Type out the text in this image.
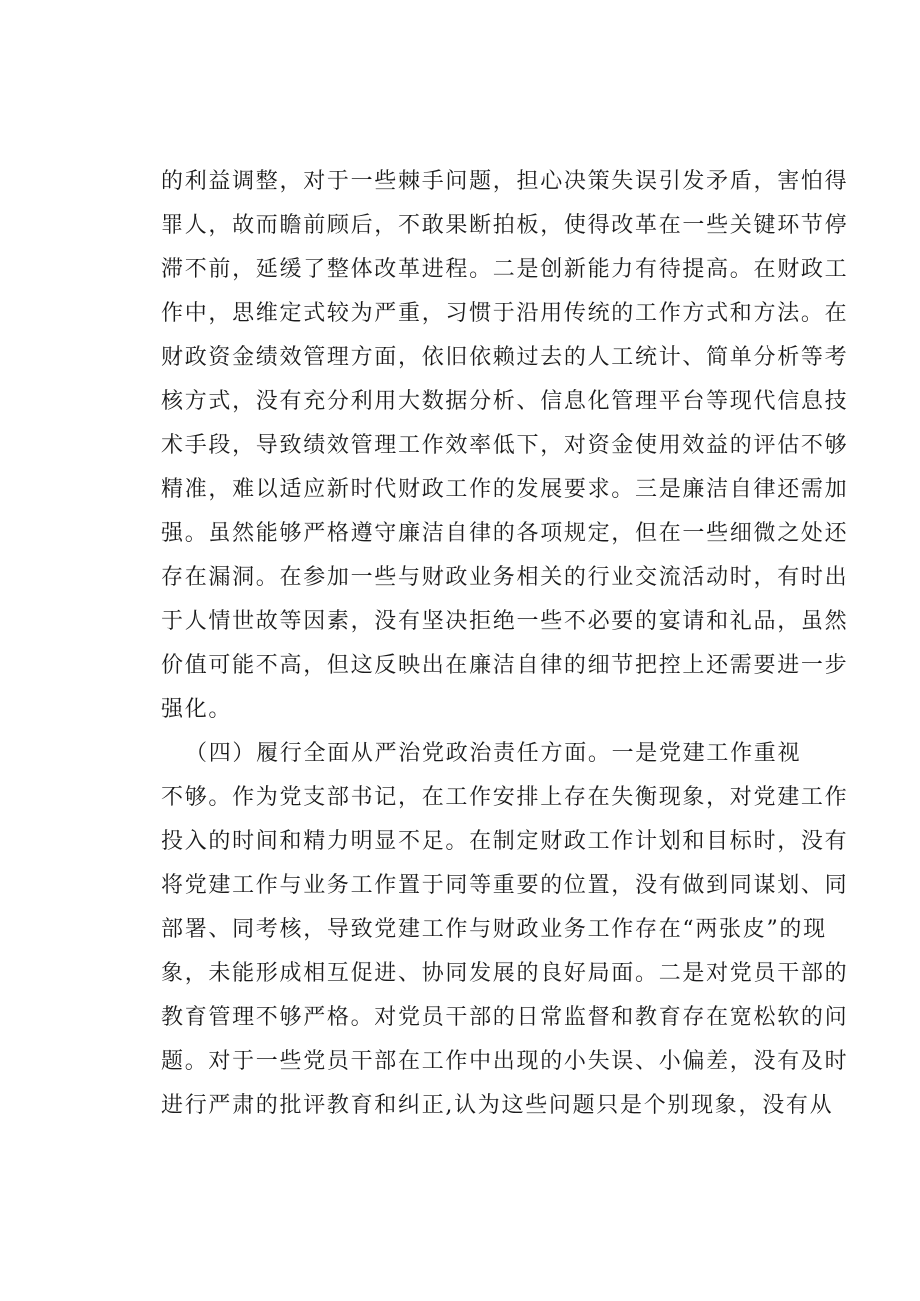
的利益调整，对于一些棘手问题，担心决策失误引发矛盾，害怕得
罪人，故而瞻前顾后，不敢果断拍板，使得改革在一些关键环节停
滞不前，延缓了整体改革进程。二是创新能力有待提高。在财政工
作中，思维定式较为严重，习惯于沿用传统的工作方式和方法。在
财政资金绩效管理方面，依旧依赖过去的人工统计、简单分析等考
核方式，没有充分利用大数据分析、信息化管理平台等现代信息技
术手段，导致绩效管理工作效率低下，对资金使用效益的评估不够
精准，难以适应新时代财政工作的发展要求。三是廉洁自律还需加
强。虽然能够严格遵守廉洁自律的各项规定，但在一些细微之处还
存在漏洞。在参加一些与财政业务相关的行业交流活动时，有时出
于人情世故等因素，没有坚决拒绝一些不必要的宴请和礼品，虽然
价值可能不高，但这反映出在廉洁自律的细节把控上还需要进一步
强化。
（四）履行全面从严治党政治责任方面。一是党建工作重视
不够。作为党支部书记，在工作安排上存在失衡现象，对党建工作
投入的时间和精力明显不足。在制定财政工作计划和目标时，没有
将党建工作与业务工作置于同等重要的位置，没有做到同谋划、同
部署、同考核，导致党建工作与财政业务工作存在“两张皮”的现
象，未能形成相互促进、协同发展的良好局面。二是对党员干部的
教育管理不够严格。对党员干部的日常监督和教育存在宽松软的问
题。对于一些党员干部在工作中出现的小失误、小偏差，没有及时
进行严肃的批评教育和纠正,认为这些问题只是个别现象，没有从
